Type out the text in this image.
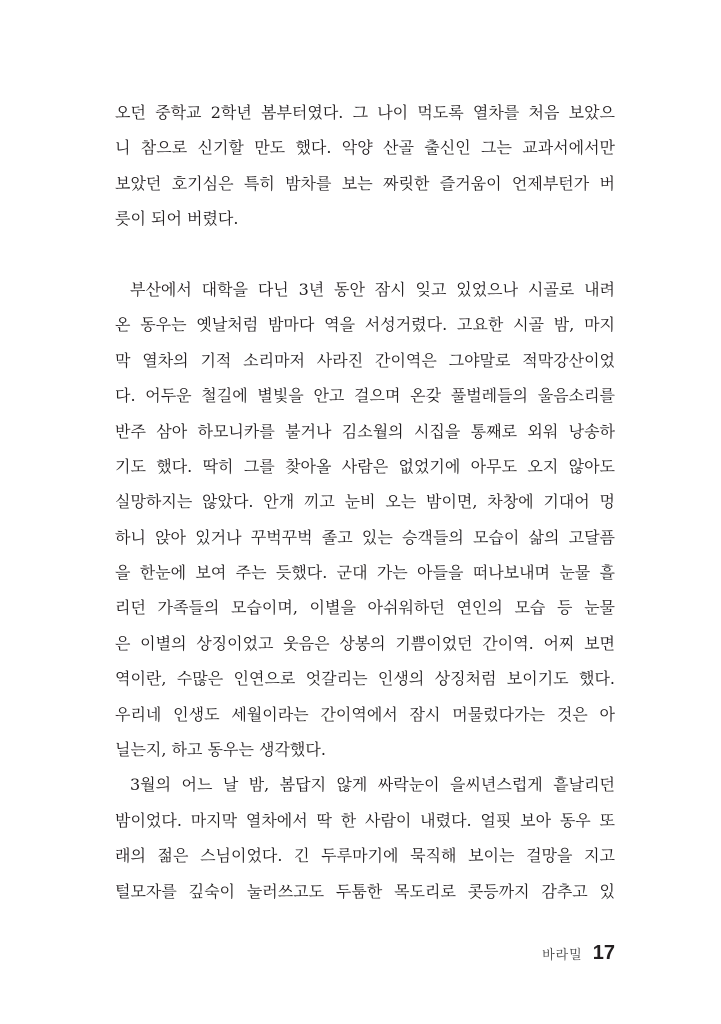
오던 중학교 2학년 봄부터였다. 그 나이 먹도록 열차를 처음 보았으
니 참으로 신기할 만도 했다. 악양 산골 출신인 그는 교과서에서만
보았던 호기심은 특히 밤차를 보는 짜릿한 즐거움이 언제부턴가 버
릇이 되어 버렸다.
부산에서 대학을 다닌 3년 동안 잠시 잊고 있었으나 시골로 내려
온 동우는 옛날처럼 밤마다 역을 서성거렸다. 고요한 시골 밤, 마지
막 열차의 기적 소리마저 사라진 간이역은 그야말로 적막강산이었
다. 어두운 철길에 별빛을 안고 걸으며 온갖 풀벌레들의 울음소리를
반주 삼아 하모니카를 불거나 김소월의 시집을 통째로 외워 낭송하
기도 했다. 딱히 그를 찾아올 사람은 없었기에 아무도 오지 않아도
실망하지는 않았다. 안개 끼고 눈비 오는 밤이면, 차창에 기대어 멍
하니 앉아 있거나 꾸벅꾸벅 졸고 있는 승객들의 모습이 삶의 고달픔
을 한눈에 보여 주는 듯했다. 군대 가는 아들을 떠나보내며 눈물 흘
리던 가족들의 모습이며, 이별을 아쉬워하던 연인의 모습 등 눈물
은 이별의 상징이었고 웃음은 상봉의 기쁨이었던 간이역. 어찌 보면
역이란, 수많은 인연으로 엇갈리는 인생의 상징처럼 보이기도 했다.
우리네 인생도 세월이라는 간이역에서 잠시 머물렀다가는 것은 아
닐는지, 하고 동우는 생각했다.
3월의 어느 날 밤, 봄답지 않게 싸락눈이 을씨년스럽게 흩날리던
밤이었다. 마지막 열차에서 딱 한 사람이 내렸다. 얼핏 보아 동우 또
래의 젊은 스님이었다. 긴 두루마기에 묵직해 보이는 걸망을 지고
털모자를 깊숙이 눌러쓰고도 두툼한 목도리로 콧등까지 감추고 있
바라밀 17
